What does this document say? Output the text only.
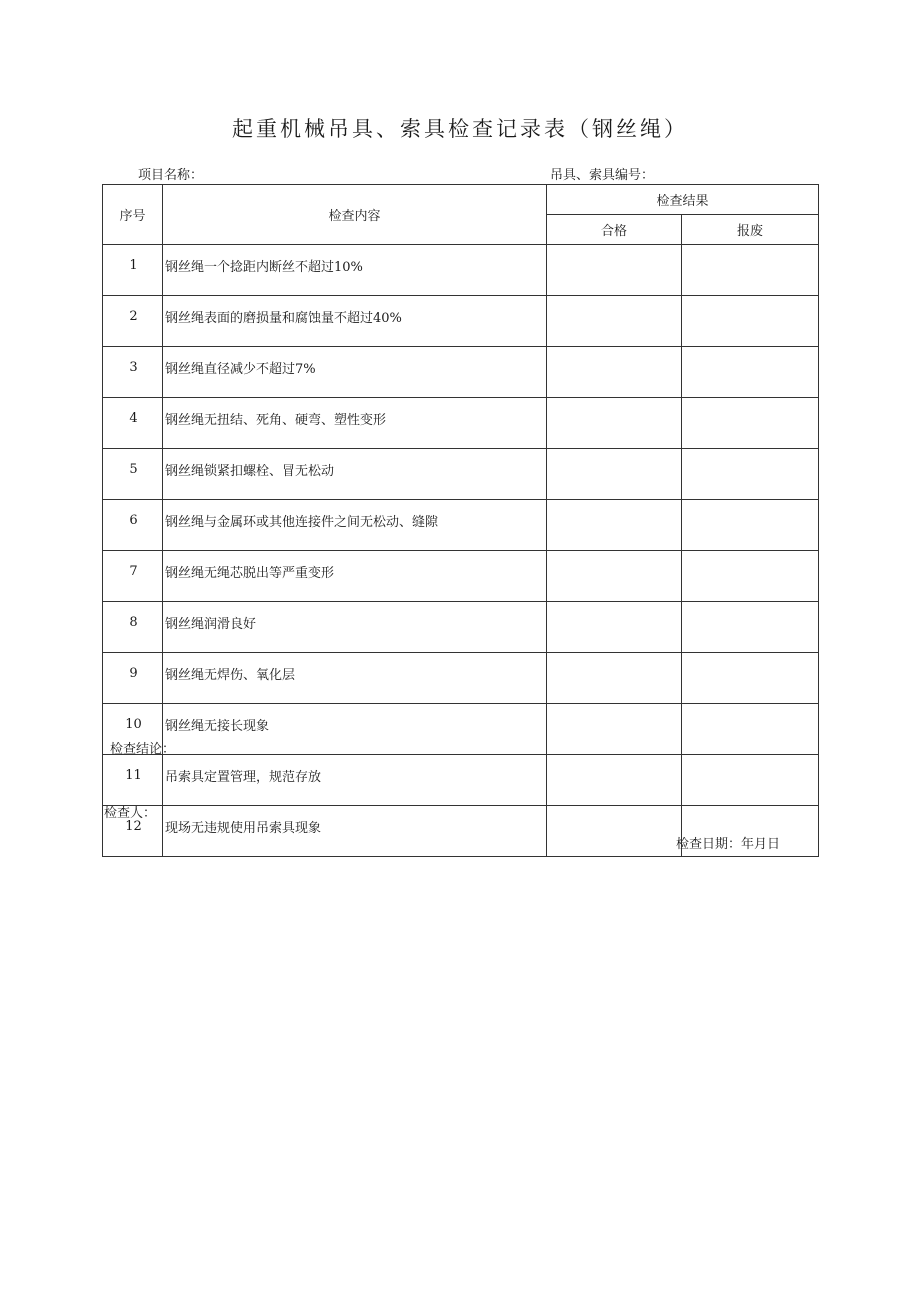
起重机械吊具、索具检查记录表（钢丝绳）
项目名称：	吊具、索具编号：
序号	检查内容	检查结果	
		合格	报废
1	钢丝绳一个捻距内断丝不超过10%		
2	钢丝绳表面的磨损量和腐蚀量不超过40%		
3	钢丝绳直径减少不超过7%		
4	钢丝绳无扭结、死角、硬弯、塑性变形		
5	钢丝绳锁紧扣螺栓、冒无松动		
6	钢丝绳与金属环或其他连接件之间无松动、缝隙		
7	钢丝绳无绳芯脱出等严重变形		
8	钢丝绳润滑良好		
9	钢丝绳无焊伤、氧化层		
10	钢丝绳无接长现象		
11	吊索具定置管理，规范存放		
12	现场无违规使用吊索具现象		
检查结论：
检查人：
检查日期：年月日
